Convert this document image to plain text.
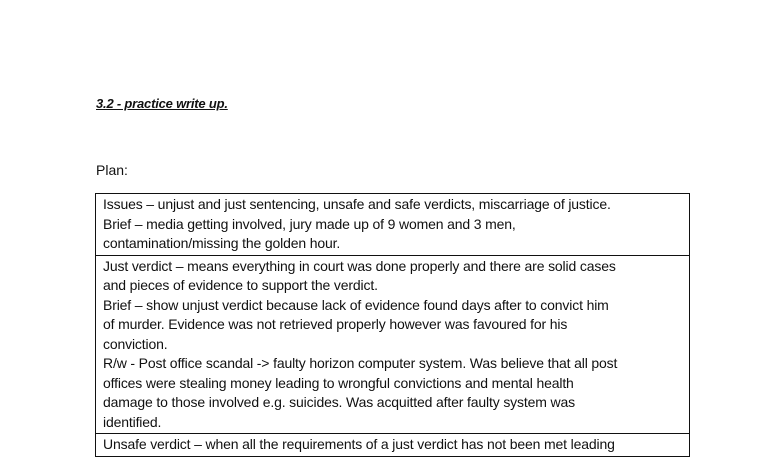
3.2 - practice write up.
Plan:
Issues – unjust and just sentencing, unsafe and safe verdicts, miscarriage of justice.
Brief – media getting involved, jury made up of 9 women and 3 men,
contamination/missing the golden hour.

Just verdict – means everything in court was done properly and there are solid cases
and pieces of evidence to support the verdict.
Brief – show unjust verdict because lack of evidence found days after to convict him
of murder. Evidence was not retrieved properly however was favoured for his
conviction.
R/w - Post office scandal -> faulty horizon computer system. Was believe that all post
offices were stealing money leading to wrongful convictions and mental health
damage to those involved e.g. suicides. Was acquitted after faulty system was
identified.

Unsafe verdict – when all the requirements of a just verdict has not been met leading
